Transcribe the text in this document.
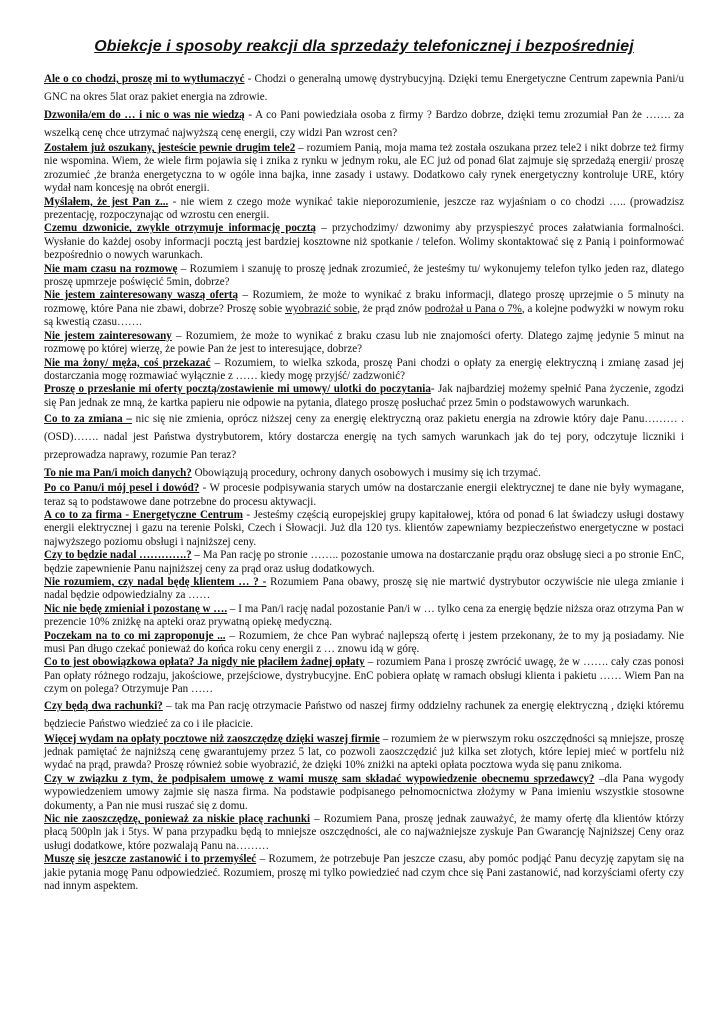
Obiekcje i sposoby reakcji dla sprzedaży telefonicznej i bezpośredniej

Ale o co chodzi, proszę mi to wytłumaczyć - Chodzi o generalną umowę dystrybucyjną. Dzięki temu Energetyczne Centrum zapewnia Pani/u GNC na okres 5lat oraz pakiet energia na zdrowie.

Dzwoniła/em do … i nic o was nie wiedzą - A co Pani powiedziała osoba z firmy ? Bardzo dobrze, dzięki temu zrozumiał Pan że ……. za wszelką cenę chce utrzymać najwyższą cenę energii, czy widzi Pan wzrost cen?

Zostałem już oszukany, jesteście pewnie drugim tele2 – rozumiem Panią, moja mama też została oszukana przez tele2 i nikt dobrze też firmy nie wspomina. Wiem, że wiele firm pojawia się i znika z rynku w jednym roku, ale EC już od ponad 6lat zajmuje się sprzedażą energii/ proszę zrozumieć ,że branża energetyczna to w ogóle inna bajka, inne zasady i ustawy. Dodatkowo cały rynek energetyczny kontroluje URE, który wydał nam koncesję na obrót energii.

Myślałem, że jest Pan z... - nie wiem z czego może wynikać takie nieporozumienie, jeszcze raz wyjaśniam o co chodzi ….. (prowadzisz prezentację, rozpoczynając od wzrostu cen energii.

Czemu dzwonicie, zwykle otrzymuje informację pocztą – przychodzimy/ dzwonimy aby przyspieszyć proces załatwiania formalności. Wysłanie do każdej osoby informacji pocztą jest bardziej kosztowne niż spotkanie / telefon. Wolimy skontaktować się z Panią i poinformować bezpośrednio o nowych warunkach.

Nie mam czasu na rozmowę – Rozumiem i szanuję to proszę jednak zrozumieć, że jesteśmy tu/ wykonujemy telefon tylko jeden raz, dlatego proszę upmrzeje poświęcić 5min, dobrze?

Nie jestem zainteresowany waszą ofertą – Rozumiem, że może to wynikać z braku informacji, dlatego proszę uprzejmie o 5 minuty na rozmowę, które Pana nie zbawi, dobrze? Proszę sobie wyobrazić sobie, że prąd znów podrożał u Pana o 7%, a kolejne podwyżki w nowym roku są kwestią czasu…….

Nie jestem zainteresowany – Rozumiem, że może to wynikać z braku czasu lub nie znajomości oferty. Dlatego zajmę jedynie 5 minut na rozmowę po której wierzę, że powie Pan że jest to interesujące, dobrze?

Nie ma żony/ męża, coś przekazać – Rozumiem, to wielka szkoda, proszę Pani chodzi o opłaty za energię elektryczną i zmianę zasad jej dostarczania mogę rozmawiać wyłącznie z …… kiedy mogę przyjść/ zadzwonić?

Proszę o przesłanie mi oferty pocztą/zostawienie mi umowy/ ulotki do poczytania- Jak najbardziej możemy spełnić Pana życzenie, zgodzi się Pan jednak ze mną, że kartka papieru nie odpowie na pytania, dlatego proszę posłuchać przez 5min o podstawowych warunkach.

Co to za zmiana – nic się nie zmienia, oprócz niższej ceny za energię elektryczną oraz pakietu energia na zdrowie który daje Panu……… . (OSD)……. nadal jest Państwa dystrybutorem, który dostarcza energię na tych samych warunkach jak do tej pory, odczytuje liczniki i przeprowadza naprawy, rozumie Pan teraz?

To nie ma Pan/i moich danych? Obowiązują procedury, ochrony danych osobowych i musimy się ich trzymać.

Po co Panu/i mój pesel i dowód? - W procesie podpisywania starych umów na dostarczanie energii elektrycznej te dane nie były wymagane, teraz są to podstawowe dane potrzebne do procesu aktywacji.

A co to za firma - Energetyczne Centrum - Jesteśmy częścią europejskiej grupy kapitałowej, która od ponad 6 lat świadczy usługi dostawy energii elektrycznej i gazu na terenie Polski, Czech i Słowacji. Już dla 120 tys. klientów zapewniamy bezpieczeństwo energetyczne w postaci najwyższego poziomu obsługi i najniższej ceny.

Czy to będzie nadal ………….? – Ma Pan rację po stronie …….. pozostanie umowa na dostarczanie prądu oraz obsługę sieci a po stronie EnC, będzie zapewnienie Panu najniższej ceny za prąd oraz usług dodatkowych.

Nie rozumiem, czy nadal będę klientem … ? - Rozumiem Pana obawy, proszę się nie martwić dystrybutor oczywiście nie ulega zmianie i nadal będzie odpowiedzialny za ……

Nic nie będę zmieniał i pozostanę w …. – I ma Pan/i rację nadal pozostanie Pan/i w … tylko cena za energię będzie niższa oraz otrzyma Pan w prezencie 10% zniżkę na apteki oraz prywatną opiekę medyczną.

Poczekam na to co mi zaproponuje ... – Rozumiem, że chce Pan wybrać najlepszą ofertę i jestem przekonany, że to my ją posiadamy. Nie musi Pan długo czekać ponieważ do końca roku ceny energii z … znowu idą w górę.

Co to jest obowiązkowa opłata? Ja nigdy nie płaciłem żadnej opłaty – rozumiem Pana i proszę zwrócić uwagę, że w ……. cały czas ponosi Pan opłaty różnego rodzaju, jakościowe, przejściowe, dystrybucyjne. EnC pobiera opłatę w ramach obsługi klienta i pakietu …… Wiem Pan na czym on polega? Otrzymuje Pan ……

Czy będą dwa rachunki? – tak ma Pan rację otrzymacie Państwo od naszej firmy oddzielny rachunek za energię elektryczną , dzięki któremu będziecie Państwo wiedzieć za co i ile płacicie.

Więcej wydam na opłaty pocztowe niż zaoszczędzę dzięki waszej firmie – rozumiem że w pierwszym roku oszczędności są mniejsze, proszę jednak pamiętać że najniższą cenę gwarantujemy przez 5 lat, co pozwoli zaoszczędzić już kilka set złotych, które lepiej mieć w portfelu niż wydać na prąd, prawda? Proszę również sobie wyobrazić, że dzięki 10% zniżki na apteki opłata pocztowa wyda się panu znikoma.

Czy w związku z tym, że podpisałem umowę z wami muszę sam składać wypowiedzenie obecnemu sprzedawcy? –dla Pana wygody wypowiedzeniem umowy zajmie się nasza firma. Na podstawie podpisanego pełnomocnictwa złożymy w Pana imieniu wszystkie stosowne dokumenty, a Pan nie musi ruszać się z domu.

Nic nie zaoszczędzę, ponieważ za niskie płacę rachunki – Rozumiem Pana, proszę jednak zauważyć, że mamy ofertę dla klientów którzy płacą 500pln jak i 5tys. W pana przypadku będą to mniejsze oszczędności, ale co najważniejsze zyskuje Pan Gwarancję Najniższej Ceny oraz usługi dodatkowe, które pozwalają Panu na………

Muszę się jeszcze zastanowić i to przemyśleć – Rozumem, że potrzebuje Pan jeszcze czasu, aby pomóc podjąć Panu decyzję zapytam się na jakie pytania mogę Panu odpowiedzieć. Rozumiem, proszę mi tylko powiedzieć nad czym chce się Pani zastanowić, nad korzyściami oferty czy nad innym aspektem.
